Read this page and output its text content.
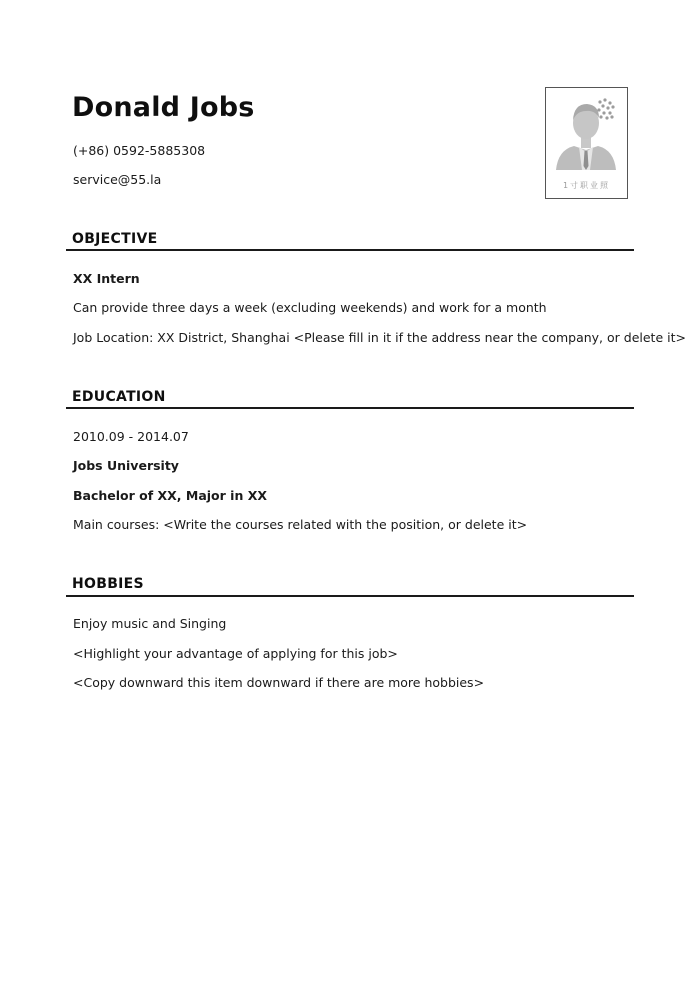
Donald Jobs
(+86) 0592-5885308
service@55.la	1寸职业照
OBJECTIVE
XX Intern
Can provide three days a week (excluding weekends) and work for a month
Job Location: XX District, Shanghai <Please fill in it if the address near the company, or delete it>
EDUCATION
2010.09 - 2014.07
Jobs University
Bachelor of XX, Major in XX
Main courses: <Write the courses related with the position, or delete it>
HOBBIES
Enjoy music and Singing
<Highlight your advantage of applying for this job>
<Copy downward this item downward if there are more hobbies>
